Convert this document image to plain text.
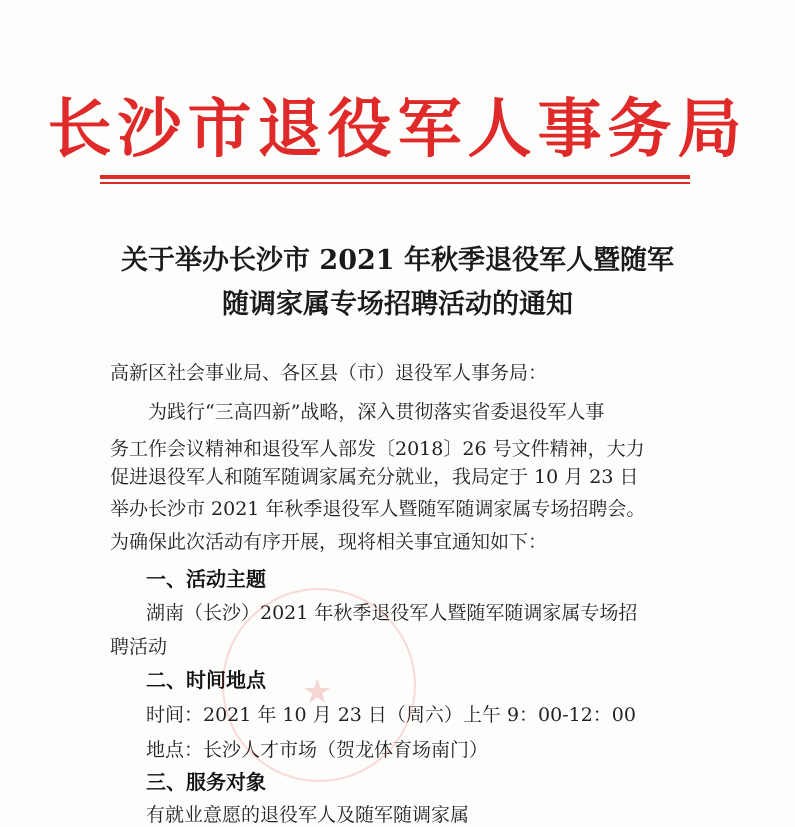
长沙市退役军人事务局
关于举办长沙市 2021 年秋季退役军人暨随军
随调家属专场招聘活动的通知
高新区社会事业局、各区县（市）退役军人事务局：
　　为践行“三高四新”战略，深入贯彻落实省委退役军人事
务工作会议精神和退役军人部发〔2018〕26 号文件精神，大力
促进退役军人和随军随调家属充分就业，我局定于 10 月 23 日
举办长沙市 2021 年秋季退役军人暨随军随调家属专场招聘会。
为确保此次活动有序开展，现将相关事宜通知如下：
一、活动主题
湖南（长沙）2021 年秋季退役军人暨随军随调家属专场招
聘活动
二、时间地点
时间：2021 年 10 月 23 日（周六）上午 9：00-12：00
地点：长沙人才市场（贺龙体育场南门）
三、服务对象
有就业意愿的退役军人及随军随调家属

★
